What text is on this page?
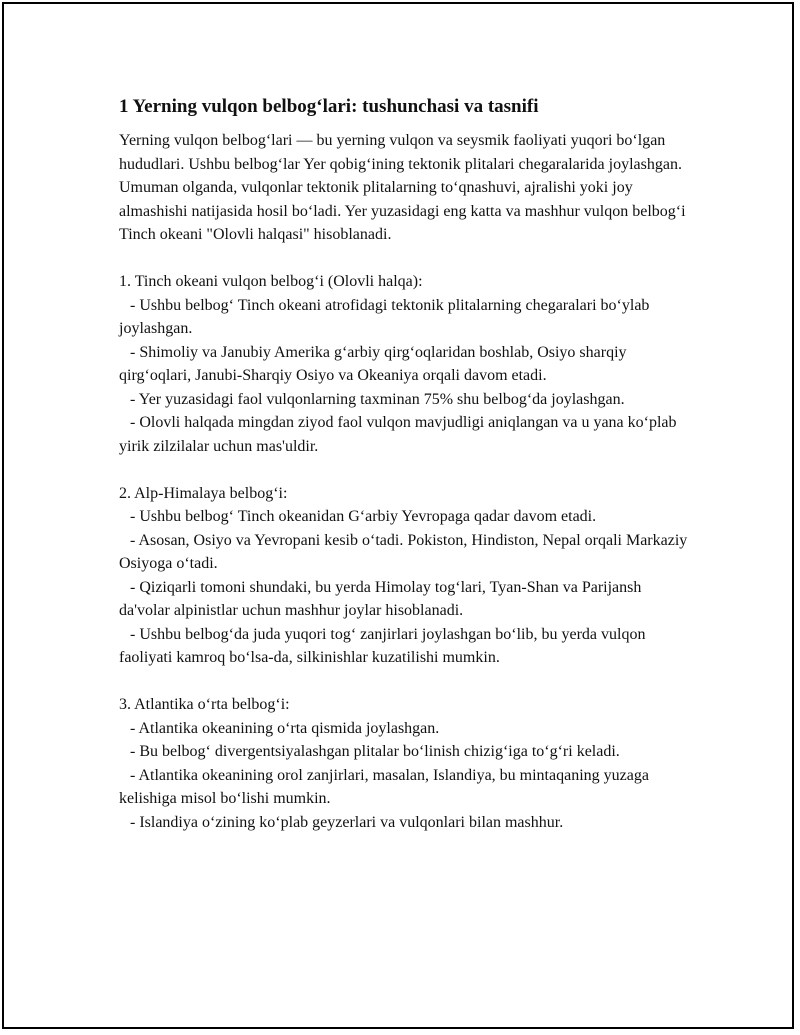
1 Yerning vulqon belbog‘lari: tushunchasi va tasnifi

Yerning vulqon belbog‘lari — bu yerning vulqon va seysmik faoliyati yuqori bo‘lgan hududlari. Ushbu belbog‘lar Yer qobig‘ining tektonik plitalari chegaralarida joylashgan. Umuman olganda, vulqonlar tektonik plitalarning to‘qnashuvi, ajralishi yoki joy almashishi natijasida hosil bo‘ladi. Yer yuzasidagi eng katta va mashhur vulqon belbog‘i Tinch okeani "Olovli halqasi" hisoblanadi.

1. Tinch okeani vulqon belbog‘i (Olovli halqa):

- Ushbu belbog‘ Tinch okeani atrofidagi tektonik plitalarning chegaralari bo‘ylab joylashgan.

- Shimoliy va Janubiy Amerika g‘arbiy qirg‘oqlaridan boshlab, Osiyo sharqiy qirg‘oqlari, Janubi-Sharqiy Osiyo va Okeaniya orqali davom etadi.

- Yer yuzasidagi faol vulqonlarning taxminan 75% shu belbog‘da joylashgan.

- Olovli halqada mingdan ziyod faol vulqon mavjudligi aniqlangan va u yana ko‘plab yirik zilzilalar uchun mas'uldir.

2. Alp-Himalaya belbog‘i:

- Ushbu belbog‘ Tinch okeanidan G‘arbiy Yevropaga qadar davom etadi.

- Asosan, Osiyo va Yevropani kesib o‘tadi. Pokiston, Hindiston, Nepal orqali Markaziy Osiyoga o‘tadi.

- Qiziqarli tomoni shundaki, bu yerda Himolay tog‘lari, Tyan-Shan va Parijansh da'volar alpinistlar uchun mashhur joylar hisoblanadi.

- Ushbu belbog‘da juda yuqori tog‘ zanjirlari joylashgan bo‘lib, bu yerda vulqon faoliyati kamroq bo‘lsa-da, silkinishlar kuzatilishi mumkin.

3. Atlantika o‘rta belbog‘i:

- Atlantika okeanining o‘rta qismida joylashgan.

- Bu belbog‘ divergentsiyalashgan plitalar bo‘linish chizig‘iga to‘g‘ri keladi.

- Atlantika okeanining orol zanjirlari, masalan, Islandiya, bu mintaqaning yuzaga kelishiga misol bo‘lishi mumkin.

- Islandiya o‘zining ko‘plab geyzerlari va vulqonlari bilan mashhur.
